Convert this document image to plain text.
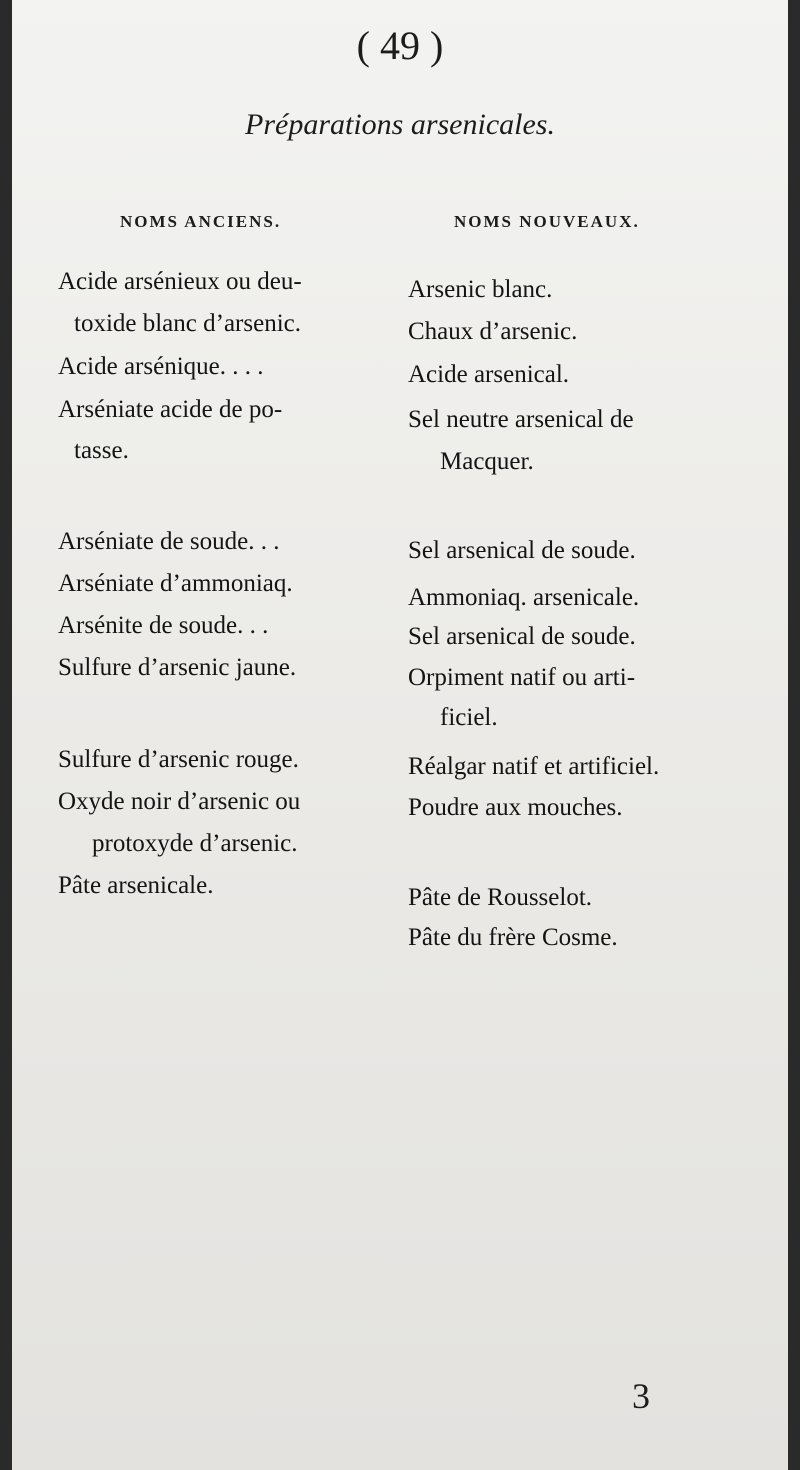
( 49 )
Préparations arsenicales.
NOMS ANCIENS.	NOMS NOUVEAUX.
Acide arsénieux ou deu-
toxide blanc d’arsenic.
Acide arsénique. . . .
Arséniate acide de po-
tasse.
Arséniate de soude. . .
Arséniate d’ammoniaq.
Arsénite de soude. . .
Sulfure d’arsenic jaune.
Sulfure d’arsenic rouge.
Oxyde noir d’arsenic ou
protoxyde d’arsenic.
Pâte arsenicale.
Arsenic blanc.
Chaux d’arsenic.
Acide arsenical.
Sel neutre arsenical de
Macquer.
Sel arsenical de soude.
Ammoniaq. arsenicale.
Sel arsenical de soude.
Orpiment natif ou arti-
ficiel.
Réalgar natif et artificiel.
Poudre aux mouches.
Pâte de Rousselot.
Pâte du frère Cosme.
3
